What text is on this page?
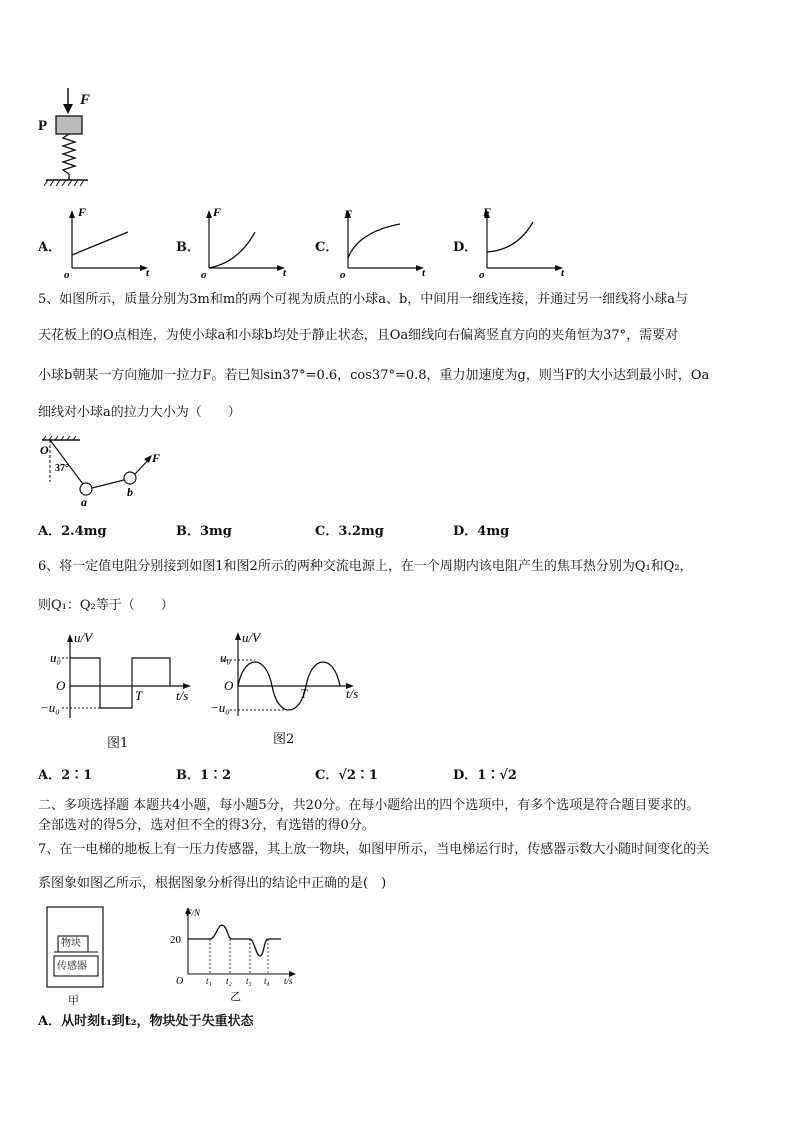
P
F
A．	B．	C．	D．
F
t
o
F
t
o
F
t
o
F
t
o
5、如图所示，质量分别为3m和m的两个可视为质点的小球a、b，中间用一细线连接，并通过另一细线将小球a与
天花板上的O点相连，为使小球a和小球b均处于静止状态，且Oa细线向右偏离竖直方向的夹角恒为37°，需要对
小球b朝某一方向施加一拉力F。若已知sin37°=0.6，cos37°=0.8，重力加速度为g，则当F的大小达到最小时，Oa
细线对小球a的拉力大小为（　　）
O
37°
a
b
F
A．2.4mg	B．3mg	C．3.2mg	D．4mg
6、将一定值电阻分别接到如图1和图2所示的两种交流电源上，在一个周期内该电阻产生的焦耳热分别为Q₁和Q₂，
则Q₁：Q₂等于（　　）
u/V
u₀
O
T	t/s
−u₀
图1
u/V
u₀
O
T	t/s
−u₀
图2
A．2∶1	B．1∶2	C．√2∶1	D．1∶√2
二、多项选择题 本题共4小题，每小题5分，共20分。在每小题给出的四个选项中，有多个选项是符合题目要求的。
全部选对的得5分，选对但不全的得3分，有选错的得0分。
7、在一电梯的地板上有一压力传感器，其上放一物块，如图甲所示，当电梯运行时，传感器示数大小随时间变化的关
系图象如图乙所示，根据图象分析得出的结论中正确的是(　)
物块
传感器
甲
F/N
20
O	t₁ t₂ t₃ t₄ t/s
乙
A．从时刻t₁到t₂，物块处于失重状态
